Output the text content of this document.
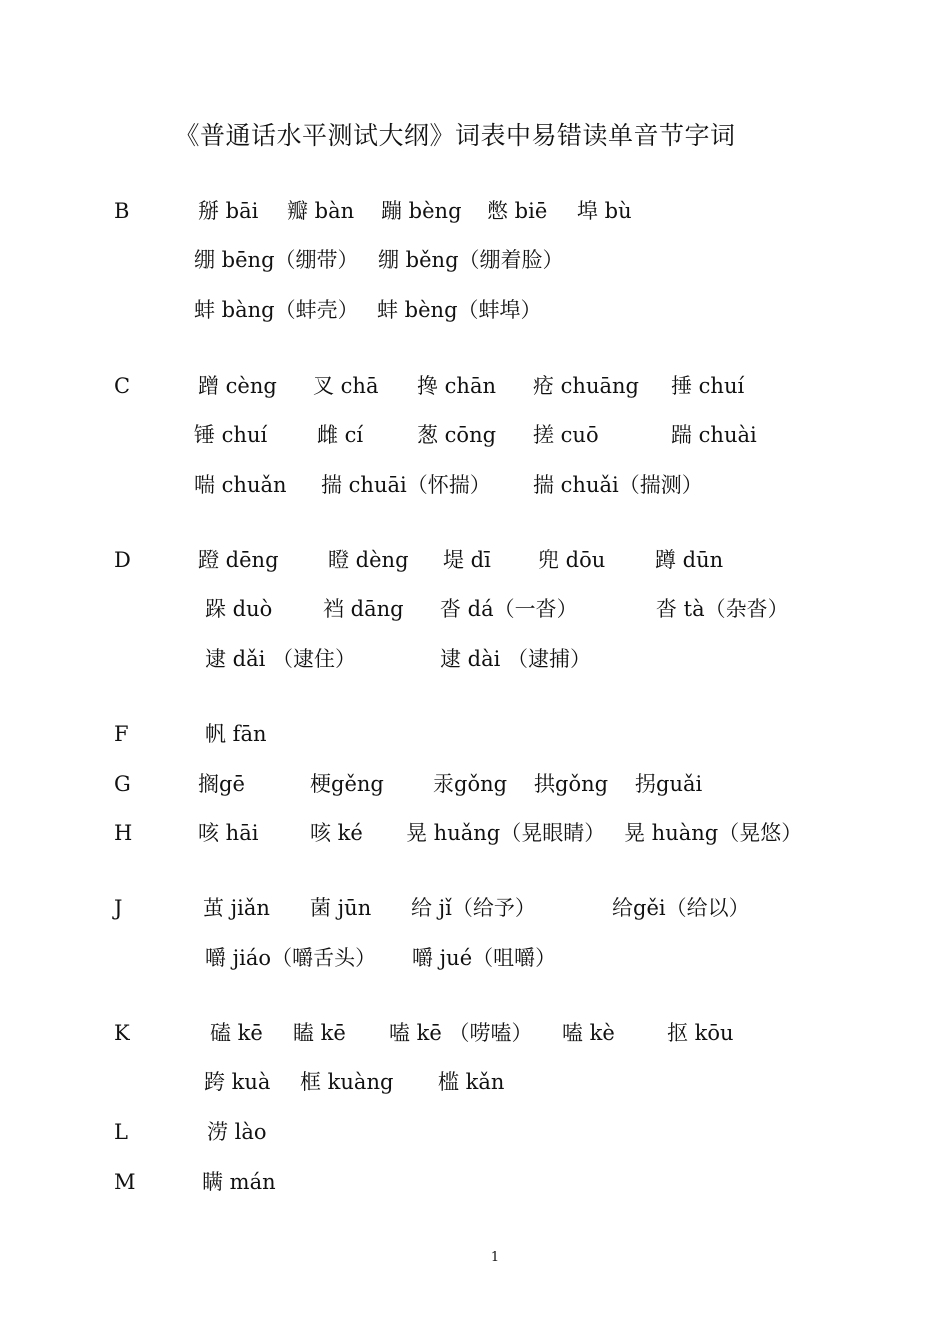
《普通话水平测试大纲》词表中易错读单音节字词
B	掰 bāi 瓣 bàn 蹦 bèng 憋 biē 埠 bù
绷 bēng（绷带） 绷 běng（绷着脸）
蚌 bàng（蚌壳） 蚌 bèng（蚌埠）
C	蹭 cèng 叉 chā 搀 chān 疮 chuāng 捶 chuí
锤 chuí 雌 cí	葱 cōng 搓 cuō	踹 chuài
喘 chuǎn 揣 chuāi（怀揣） 揣 chuǎi（揣测）
D	蹬 dēng 瞪 dèng 堤 dī 兜 dōu 蹲 dūn
跺 duò 裆 dāng 沓 dá（一沓）	沓 tà（杂沓）
逮 dǎi （逮住）	逮 dài （逮捕）
F	帆 fān
G	搁gē	梗gěng 汞gǒng 拱gǒng 拐guǎi
H	咳 hāi 咳 ké 晃 huǎng（晃眼睛） 晃 huàng（晃悠）
J	茧 jiǎn 菌 jūn 给 jǐ（给予）	给gěi（给以）
嚼 jiáo（嚼舌头） 嚼 jué（咀嚼）
K	磕 kē 瞌 kē 嗑 kē （唠嗑） 嗑 kè 抠 kōu
跨 kuà 框 kuàng 槛 kǎn
L	涝 lào
M	瞒 mán
1
